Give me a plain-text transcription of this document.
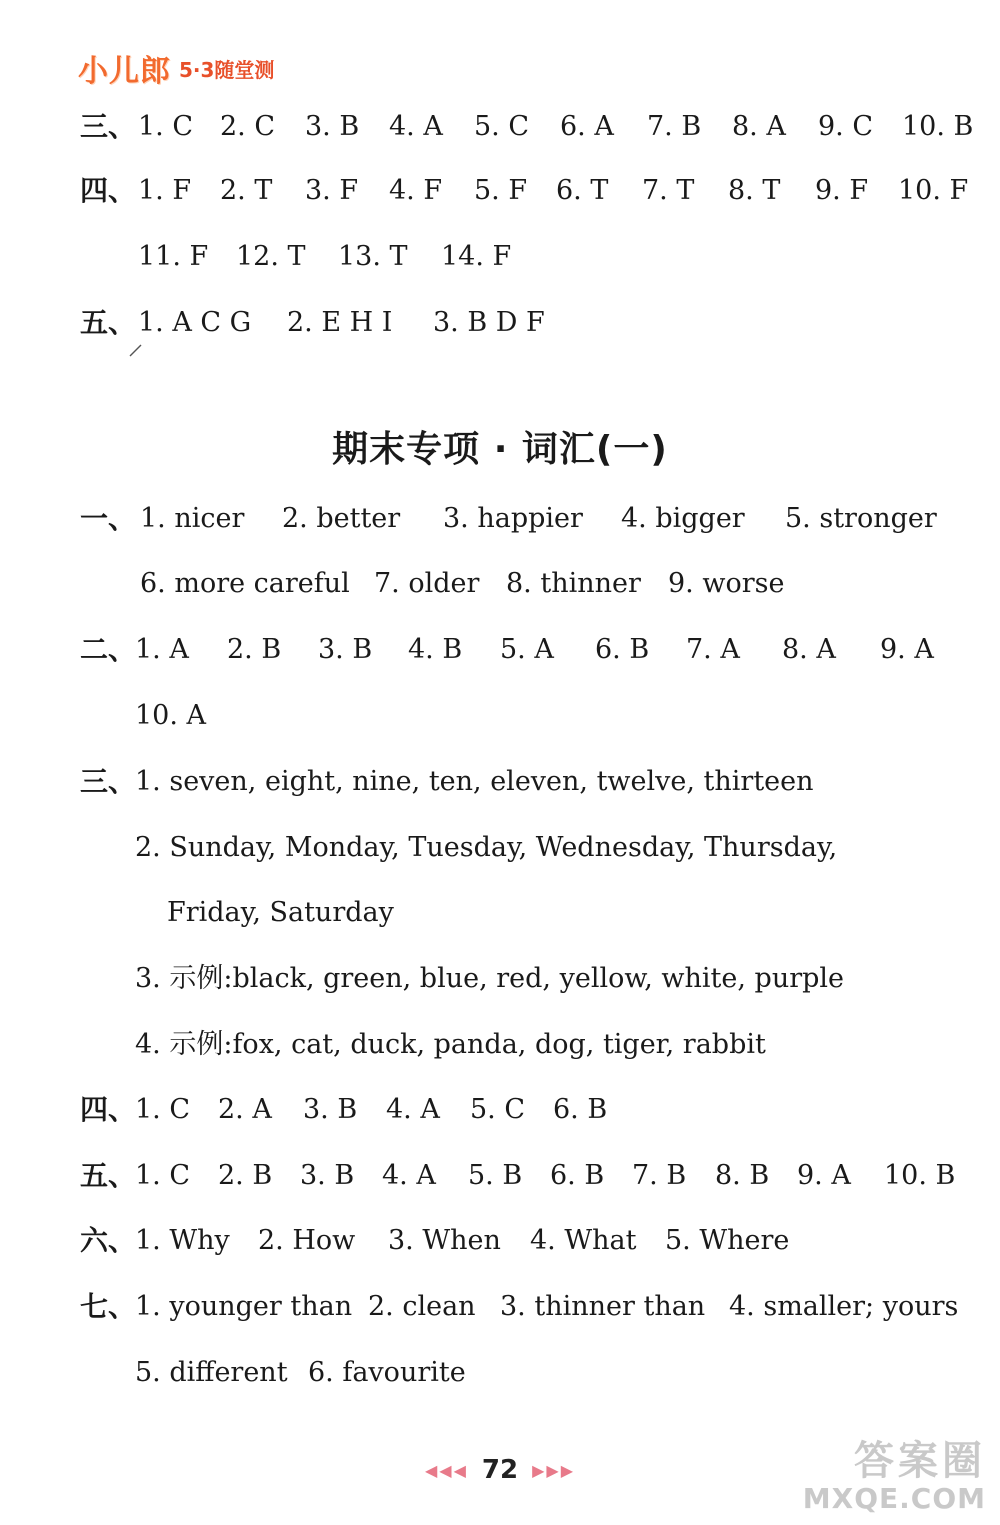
小儿郎 5·3随堂测
三、 1. C 2. C 3. B 4. A 5. C 6. A 7. B 8. A 9. C 10. B
四、 1. F 2. T 3. F 4. F 5. F 6. T 7. T 8. T 9. F 10. F
11. F 12. T 13. T 14. F
五、 1. A C G 2. E H I 3. B D F
期末专项 · 词汇(一)
一、 1. nicer 2. better 3. happier 4. bigger 5. stronger
6. more careful 7. older 8. thinner 9. worse
二、
1. A 2. B 3. B 4. B 5. A 6. B 7. A 8. A 9. A
10. A
三、
1. seven, eight, nine, ten, eleven, twelve, thirteen
2. Sunday, Monday, Tuesday, Wednesday, Thursday,
Friday, Saturday
3. 示例:black, green, blue, red, yellow, white, purple
4. 示例:fox, cat, duck, panda, dog, tiger, rabbit
四、
1. C 2. A 3. B 4. A 5. C 6. B
五、
1. C 2. B 3. B 4. A 5. B 6. B 7. B 8. B 9. A 10. B
六、
1. Why 2. How 3. When 4. What 5. Where
七、
1. younger than 2. clean 3. thinner than 4. smaller; yours
5. different 6. favourite
◀◀◀ 72 ▶▶▶	答案圈
MXQE.COM
